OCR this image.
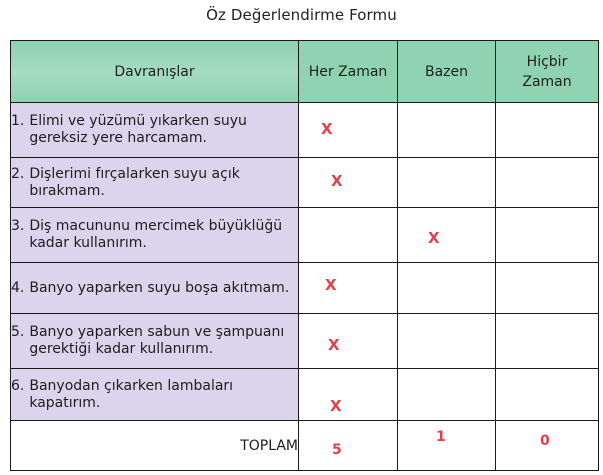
Öz Değerlendirme Formu
Davranışlar	Her Zaman	Bazen	Hiçbir
Zaman

1. Elimi ve yüzümü yıkarken suyu gereksiz yere harcamam.	X		

2. Dişlerimi fırçalarken suyu açık bırakmam.	X		

3. Diş macununu mercimek büyüklüğü kadar kullanırım.		X	

4. Banyo yaparken suyu boşa akıtmam.	X		

5. Banyo yaparken sabun ve şampuanı gerektiği kadar kullanırım.	X		

6. Banyodan çıkarken lambaları kapatırım.	X		

TOPLAM	5	1	0
